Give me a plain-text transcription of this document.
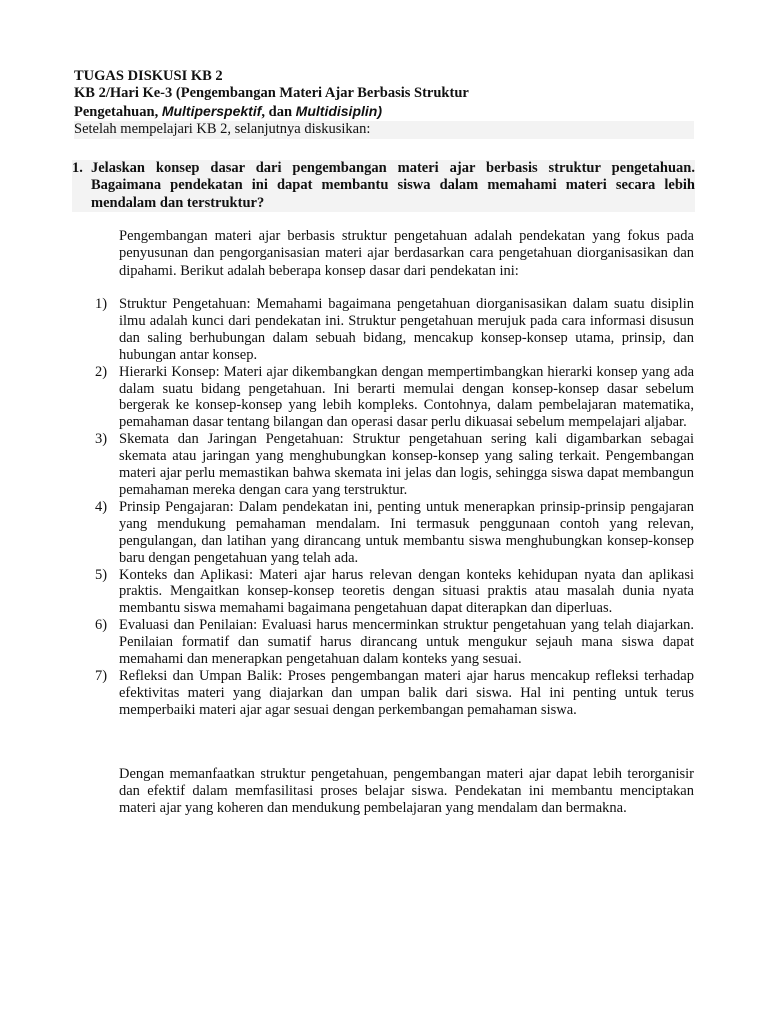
TUGAS DISKUSI KB 2
KB 2/Hari Ke-3 (Pengembangan Materi Ajar Berbasis Struktur
Pengetahuan, Multiperspektif, dan Multidisiplin)
Setelah mempelajari KB 2, selanjutnya diskusikan:
1. Jelaskan konsep dasar dari pengembangan materi ajar berbasis struktur pengetahuan. Bagaimana pendekatan ini dapat membantu siswa dalam memahami materi secara lebih mendalam dan terstruktur?
Pengembangan materi ajar berbasis struktur pengetahuan adalah pendekatan yang fokus pada penyusunan dan pengorganisasian materi ajar berdasarkan cara pengetahuan diorganisasikan dan dipahami. Berikut adalah beberapa konsep dasar dari pendekatan ini:
1) Struktur Pengetahuan: Memahami bagaimana pengetahuan diorganisasikan dalam suatu disiplin ilmu adalah kunci dari pendekatan ini. Struktur pengetahuan merujuk pada cara informasi disusun dan saling berhubungan dalam sebuah bidang, mencakup konsep-konsep utama, prinsip, dan hubungan antar konsep.
2) Hierarki Konsep: Materi ajar dikembangkan dengan mempertimbangkan hierarki konsep yang ada dalam suatu bidang pengetahuan. Ini berarti memulai dengan konsep-konsep dasar sebelum bergerak ke konsep-konsep yang lebih kompleks. Contohnya, dalam pembelajaran matematika, pemahaman dasar tentang bilangan dan operasi dasar perlu dikuasai sebelum mempelajari aljabar.
3) Skemata dan Jaringan Pengetahuan: Struktur pengetahuan sering kali digambarkan sebagai skemata atau jaringan yang menghubungkan konsep-konsep yang saling terkait. Pengembangan materi ajar perlu memastikan bahwa skemata ini jelas dan logis, sehingga siswa dapat membangun pemahaman mereka dengan cara yang terstruktur.
4) Prinsip Pengajaran: Dalam pendekatan ini, penting untuk menerapkan prinsip-prinsip pengajaran yang mendukung pemahaman mendalam. Ini termasuk penggunaan contoh yang relevan, pengulangan, dan latihan yang dirancang untuk membantu siswa menghubungkan konsep-konsep baru dengan pengetahuan yang telah ada.
5) Konteks dan Aplikasi: Materi ajar harus relevan dengan konteks kehidupan nyata dan aplikasi praktis. Mengaitkan konsep-konsep teoretis dengan situasi praktis atau masalah dunia nyata membantu siswa memahami bagaimana pengetahuan dapat diterapkan dan diperluas.
6) Evaluasi dan Penilaian: Evaluasi harus mencerminkan struktur pengetahuan yang telah diajarkan. Penilaian formatif dan sumatif harus dirancang untuk mengukur sejauh mana siswa dapat memahami dan menerapkan pengetahuan dalam konteks yang sesuai.
7) Refleksi dan Umpan Balik: Proses pengembangan materi ajar harus mencakup refleksi terhadap efektivitas materi yang diajarkan dan umpan balik dari siswa. Hal ini penting untuk terus memperbaiki materi ajar agar sesuai dengan perkembangan pemahaman siswa.
Dengan memanfaatkan struktur pengetahuan, pengembangan materi ajar dapat lebih terorganisir dan efektif dalam memfasilitasi proses belajar siswa. Pendekatan ini membantu menciptakan materi ajar yang koheren dan mendukung pembelajaran yang mendalam dan bermakna.
